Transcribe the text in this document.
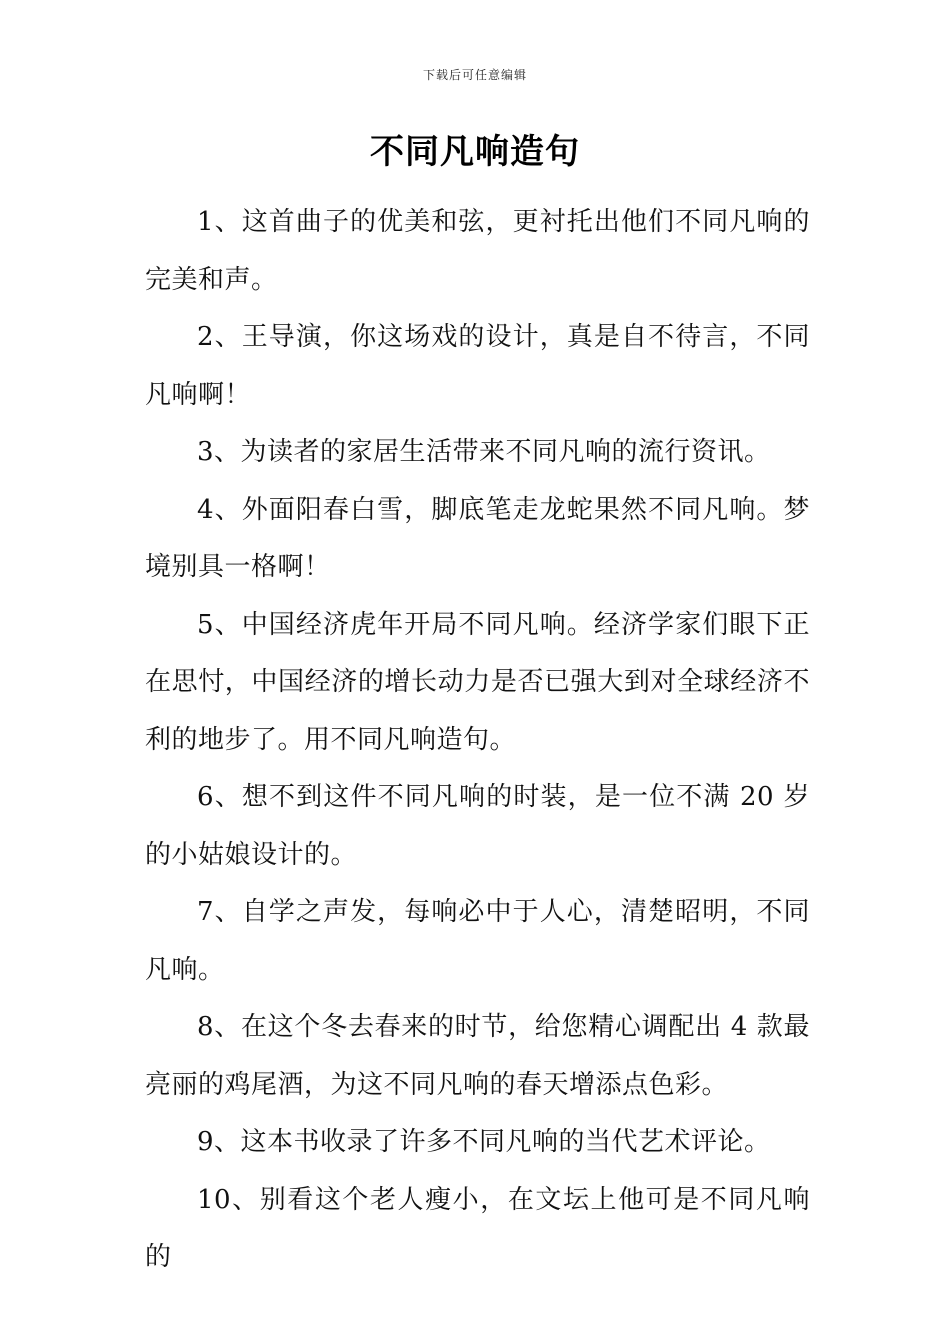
下载后可任意编辑
不同凡响造句

1、这首曲子的优美和弦，更衬托出他们不同凡响的完美和声。

2、王导演，你这场戏的设计，真是自不待言，不同凡响啊！

3、为读者的家居生活带来不同凡响的流行资讯。

4、外面阳春白雪，脚底笔走龙蛇果然不同凡响。梦境别具一格啊！

5、中国经济虎年开局不同凡响。经济学家们眼下正在思忖，中国经济的增长动力是否已强大到对全球经济不利的地步了。用不同凡响造句。

6、想不到这件不同凡响的时装，是一位不满 20 岁的小姑娘设计的。

7、自学之声发，每响必中于人心，清楚昭明，不同凡响。

8、在这个冬去春来的时节，给您精心调配出 4 款最亮丽的鸡尾酒，为这不同凡响的春天增添点色彩。

9、这本书收录了许多不同凡响的当代艺术评论。

10、别看这个老人瘦小，在文坛上他可是不同凡响的
